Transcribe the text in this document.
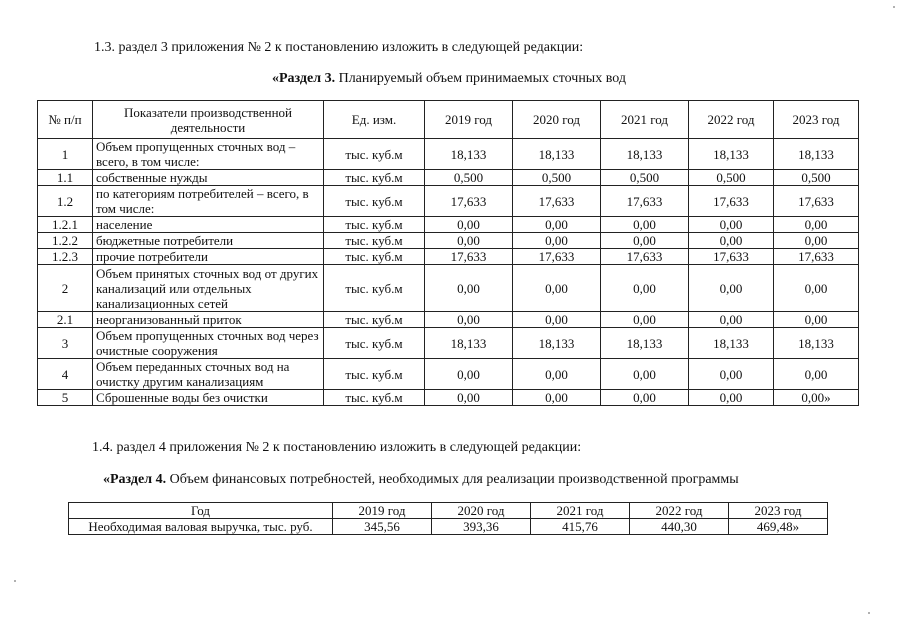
1.3. раздел 3 приложения № 2 к постановлению изложить в следующей редакции:
«Раздел 3. Планируемый объем принимаемых сточных вод
№ п/п	Показатели производственной деятельности	Ед. изм.	2019 год	2020 год	2021 год	2022 год	2023 год
1	Объем пропущенных сточных вод – всего, в том числе:	тыс. куб.м	18,133	18,133	18,133	18,133	18,133
1.1	собственные нужды	тыс. куб.м	0,500	0,500	0,500	0,500	0,500
1.2	по категориям потребителей – всего, в том числе:	тыс. куб.м	17,633	17,633	17,633	17,633	17,633
1.2.1	население	тыс. куб.м	0,00	0,00	0,00	0,00	0,00
1.2.2	бюджетные потребители	тыс. куб.м	0,00	0,00	0,00	0,00	0,00
1.2.3	прочие потребители	тыс. куб.м	17,633	17,633	17,633	17,633	17,633
2	Объем принятых сточных вод от других канализаций или отдельных канализационных сетей	тыс. куб.м	0,00	0,00	0,00	0,00	0,00
2.1	неорганизованный приток	тыс. куб.м	0,00	0,00	0,00	0,00	0,00
3	Объем пропущенных сточных вод через очистные сооружения	тыс. куб.м	18,133	18,133	18,133	18,133	18,133
4	Объем переданных сточных вод на очистку другим канализациям	тыс. куб.м	0,00	0,00	0,00	0,00	0,00
5	Сброшенные воды без очистки	тыс. куб.м	0,00	0,00	0,00	0,00	0,00»
1.4. раздел 4 приложения № 2 к постановлению изложить в следующей редакции:
«Раздел 4. Объем финансовых потребностей, необходимых для реализации производственной программы
Год	2019 год	2020 год	2021 год	2022 год	2023 год
Необходимая валовая выручка, тыс. руб.	345,56	393,36	415,76	440,30	469,48»
